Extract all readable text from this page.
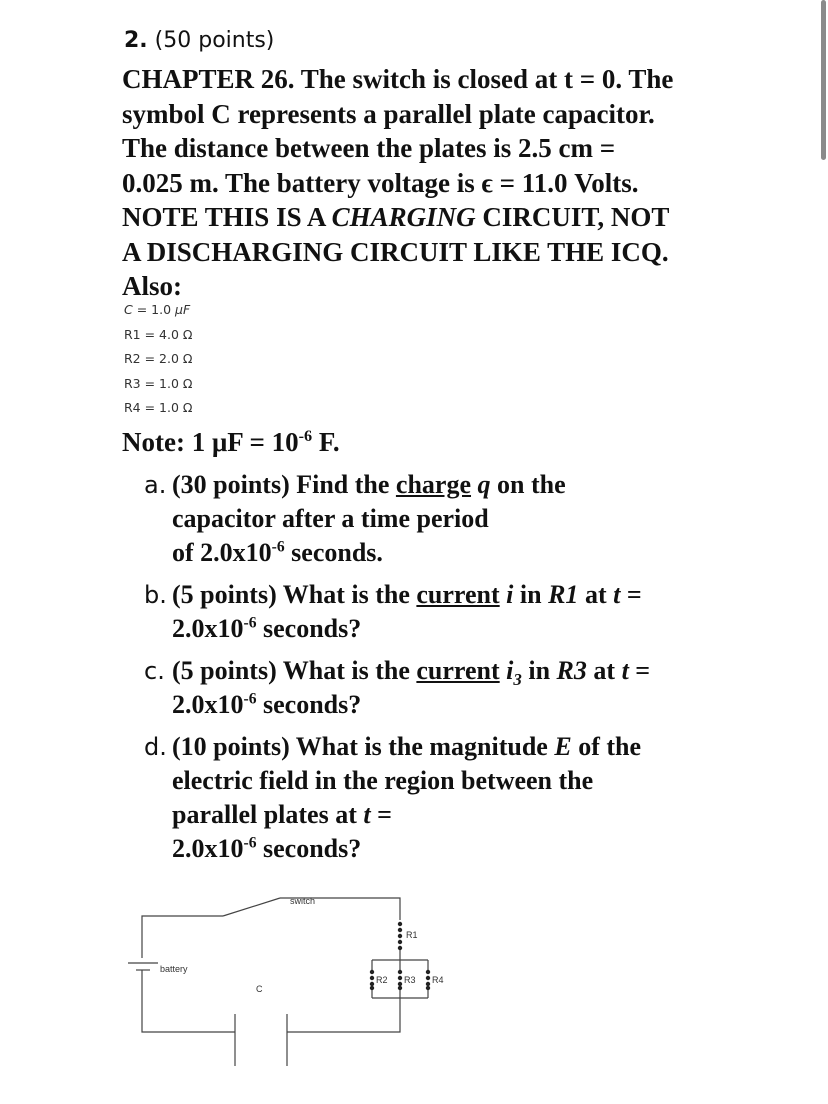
2. (50 points)

CHAPTER 26. The switch is closed at t = 0. The

symbol C represents a parallel plate capacitor.

The distance between the plates is 2.5 cm =

0.025 m. The battery voltage is ϵ = 11.0 Volts.

NOTE THIS IS A CHARGING CIRCUIT, NOT

A DISCHARGING CIRCUIT LIKE THE ICQ.

Also:

C = 1.0 μF
R1 = 4.0 Ω
R2 = 2.0 Ω
R3 = 1.0 Ω
R4 = 1.0 Ω
Note: 1 $\mu F = 10^{-6}$ F.
a. (30 points) Find the charge q on the
capacitor after a time period
of $2.0x10^{-6}$ seconds.
b. (5 points) What is the current i in R1 at t =
$2.0x10^{-6}$ seconds?
c. (5 points) What is the current $i_3$ in R3 at t =
$2.0x10^{-6}$ seconds?
d. (10 points) What is the magnitude E of the
electric field in the region between the
parallel plates at t =
$2.0x10^{-6}$ seconds?
switch
battery
C
R1
R2 R3 R4
